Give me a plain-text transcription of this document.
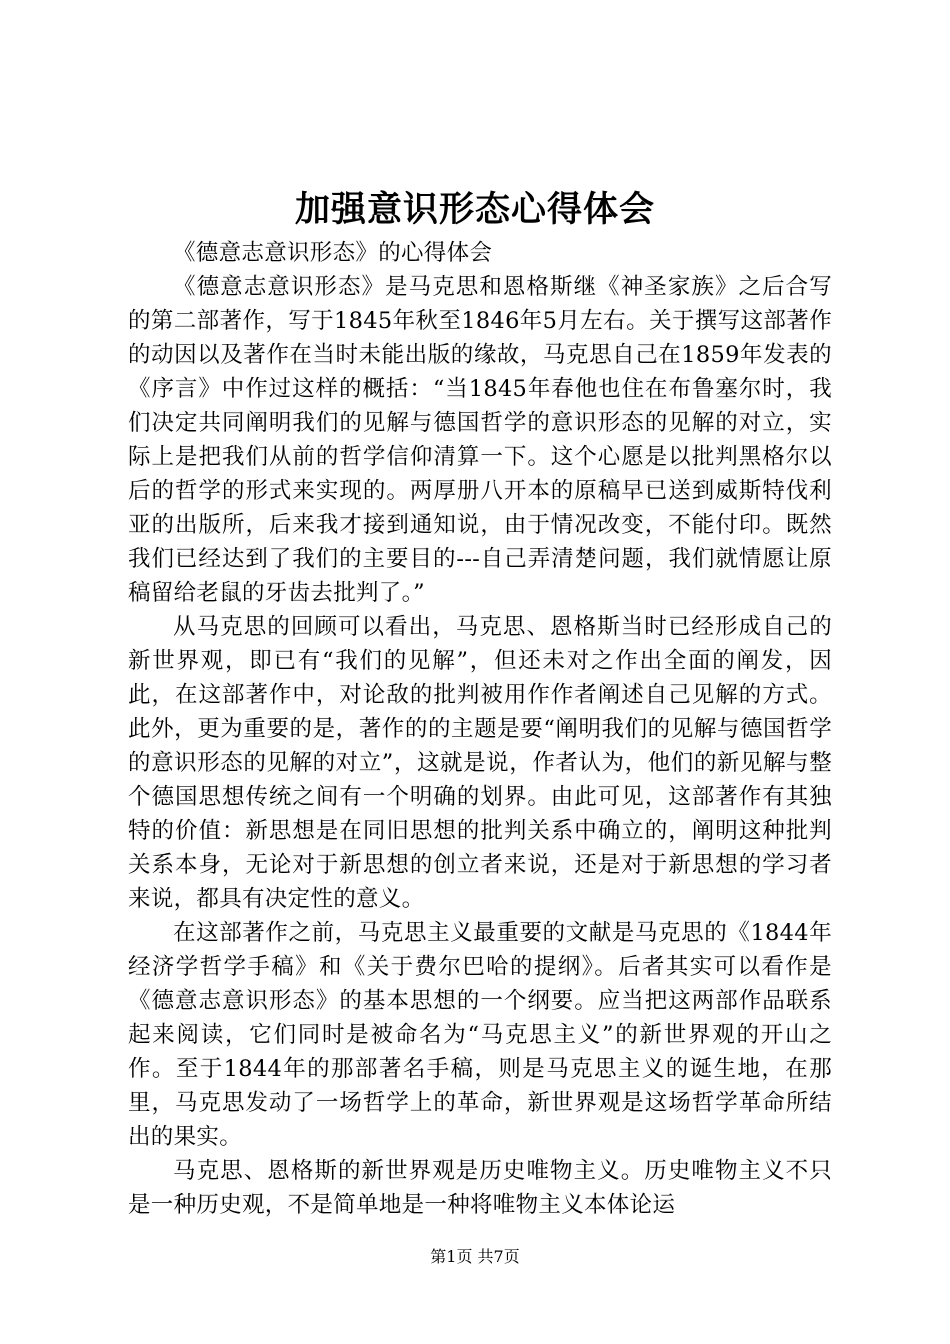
加强意识形态心得体会

《德意志意识形态》的心得体会

《德意志意识形态》是马克思和恩格斯继《神圣家族》之后合写的第二部著作，写于1845年秋至1846年5月左右。关于撰写这部著作的动因以及著作在当时未能出版的缘故，马克思自己在1859年发表的《序言》中作过这样的概括：“当1845年春他也住在布鲁塞尔时，我们决定共同阐明我们的见解与德国哲学的意识形态的见解的对立，实际上是把我们从前的哲学信仰清算一下。这个心愿是以批判黑格尔以后的哲学的形式来实现的。两厚册八开本的原稿早已送到威斯特伐利亚的出版所，后来我才接到通知说，由于情况改变，不能付印。既然我们已经达到了我们的主要目的---自己弄清楚问题，我们就情愿让原稿留给老鼠的牙齿去批判了。”

从马克思的回顾可以看出，马克思、恩格斯当时已经形成自己的新世界观，即已有“我们的见解”，但还未对之作出全面的阐发，因此，在这部著作中，对论敌的批判被用作作者阐述自己见解的方式。此外，更为重要的是，著作的的主题是要“阐明我们的见解与德国哲学的意识形态的见解的对立”，这就是说，作者认为，他们的新见解与整个德国思想传统之间有一个明确的划界。由此可见，这部著作有其独特的价值：新思想是在同旧思想的批判关系中确立的，阐明这种批判关系本身，无论对于新思想的创立者来说，还是对于新思想的学习者来说，都具有决定性的意义。

在这部著作之前，马克思主义最重要的文献是马克思的《1844年经济学哲学手稿》和《关于费尔巴哈的提纲》。后者其实可以看作是《德意志意识形态》的基本思想的一个纲要。应当把这两部作品联系起来阅读，它们同时是被命名为“马克思主义”的新世界观的开山之作。至于1844年的那部著名手稿，则是马克思主义的诞生地，在那里，马克思发动了一场哲学上的革命，新世界观是这场哲学革命所结出的果实。

马克思、恩格斯的新世界观是历史唯物主义。历史唯物主义不只是一种历史观，不是简单地是一种将唯物主义本体论运

第1页 共7页
